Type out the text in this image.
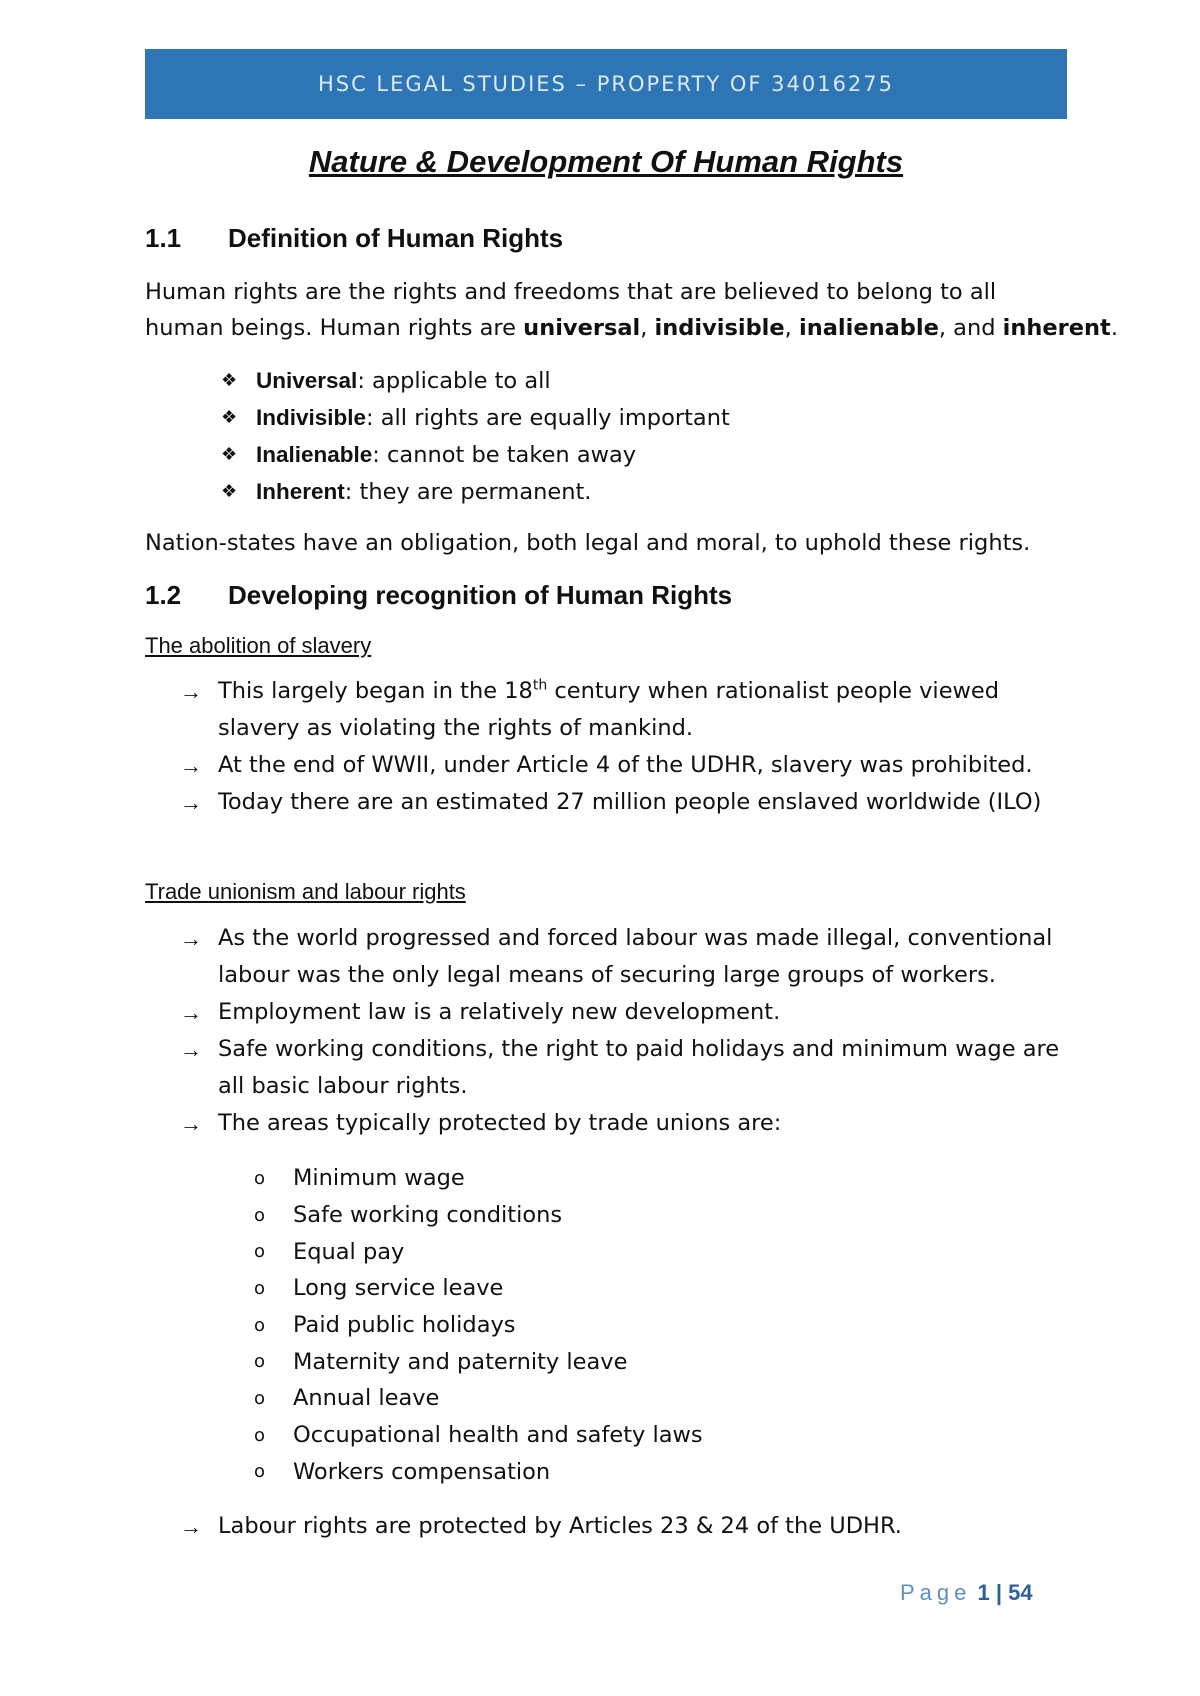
HSC LEGAL STUDIES – PROPERTY OF 34016275
Nature & Development Of Human Rights
1.1 Definition of Human Rights
Human rights are the rights and freedoms that are believed to belong to all
human beings. Human rights are universal, indivisible, inalienable, and inherent.
❖ Universal : applicable to all
❖ Indivisible : all rights are equally important
❖ Inalienable : cannot be taken away
❖ Inherent : they are permanent.
Nation-states have an obligation, both legal and moral, to uphold these rights.
1.2 Developing recognition of Human Rights
The abolition of slavery
→ This largely began in the 18th century when rationalist people viewed slavery as violating the rights of mankind.
→ At the end of WWII, under Article 4 of the UDHR, slavery was prohibited.
→ Today there are an estimated 27 million people enslaved worldwide (ILO)
Trade unionism and labour rights
→ As the world progressed and forced labour was made illegal, conventional labour was the only legal means of securing large groups of workers.
→ Employment law is a relatively new development.
→ Safe working conditions, the right to paid holidays and minimum wage are all basic labour rights.
→ The areas typically protected by trade unions are:
o	Minimum wage
o	Safe working conditions
o	Equal pay
o	Long service leave
o	Paid public holidays
o	Maternity and paternity leave
o	Annual leave
o	Occupational health and safety laws
o	Workers compensation
→ Labour rights are protected by Articles 23 & 24 of the UDHR.
Page 1 | 54
